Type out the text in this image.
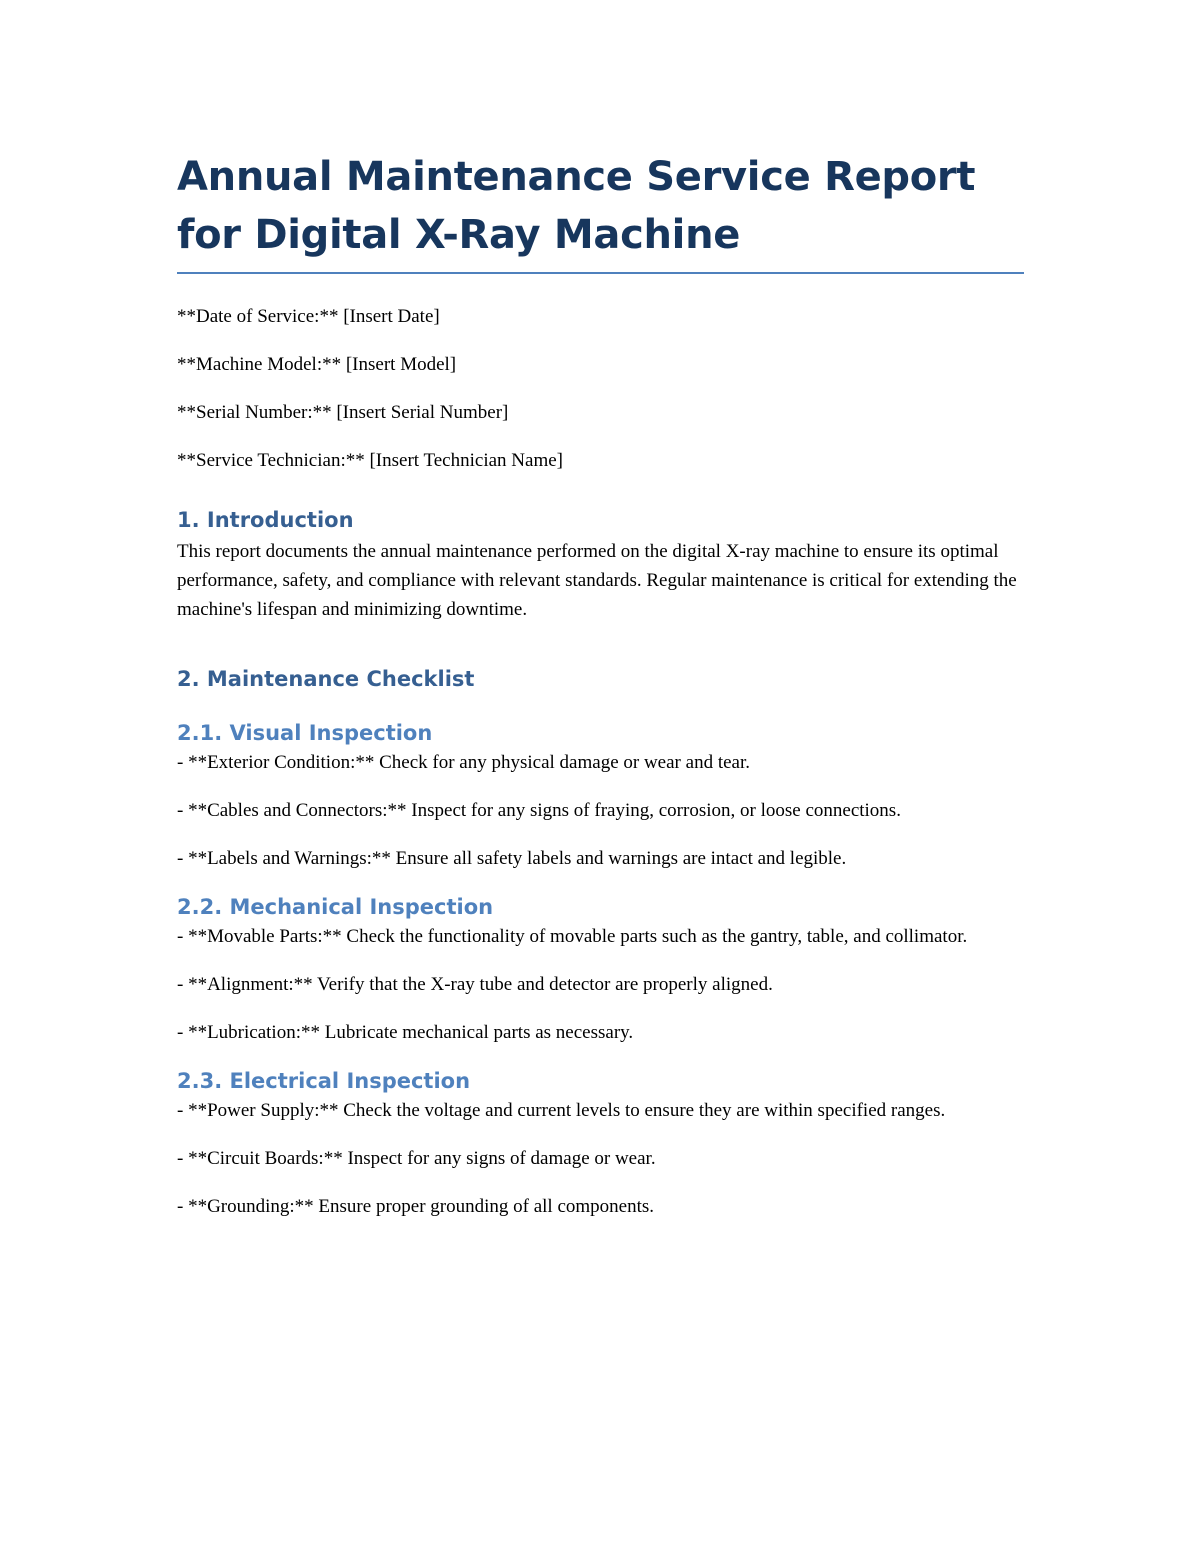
Annual Maintenance Service Report for Digital X-Ray Machine

**Date of Service:** [Insert Date]

**Machine Model:** [Insert Model]

**Serial Number:** [Insert Serial Number]

**Service Technician:** [Insert Technician Name]

1. Introduction

This report documents the annual maintenance performed on the digital X-ray machine to ensure its optimal performance, safety, and compliance with relevant standards. Regular maintenance is critical for extending the machine's lifespan and minimizing downtime.

2. Maintenance Checklist
2.1. Visual Inspection

- **Exterior Condition:** Check for any physical damage or wear and tear.

- **Cables and Connectors:** Inspect for any signs of fraying, corrosion, or loose connections.

- **Labels and Warnings:** Ensure all safety labels and warnings are intact and legible.

2.2. Mechanical Inspection

- **Movable Parts:** Check the functionality of movable parts such as the gantry, table, and collimator.

- **Alignment:** Verify that the X-ray tube and detector are properly aligned.

- **Lubrication:** Lubricate mechanical parts as necessary.

2.3. Electrical Inspection

- **Power Supply:** Check the voltage and current levels to ensure they are within specified ranges.

- **Circuit Boards:** Inspect for any signs of damage or wear.

- **Grounding:** Ensure proper grounding of all components.
